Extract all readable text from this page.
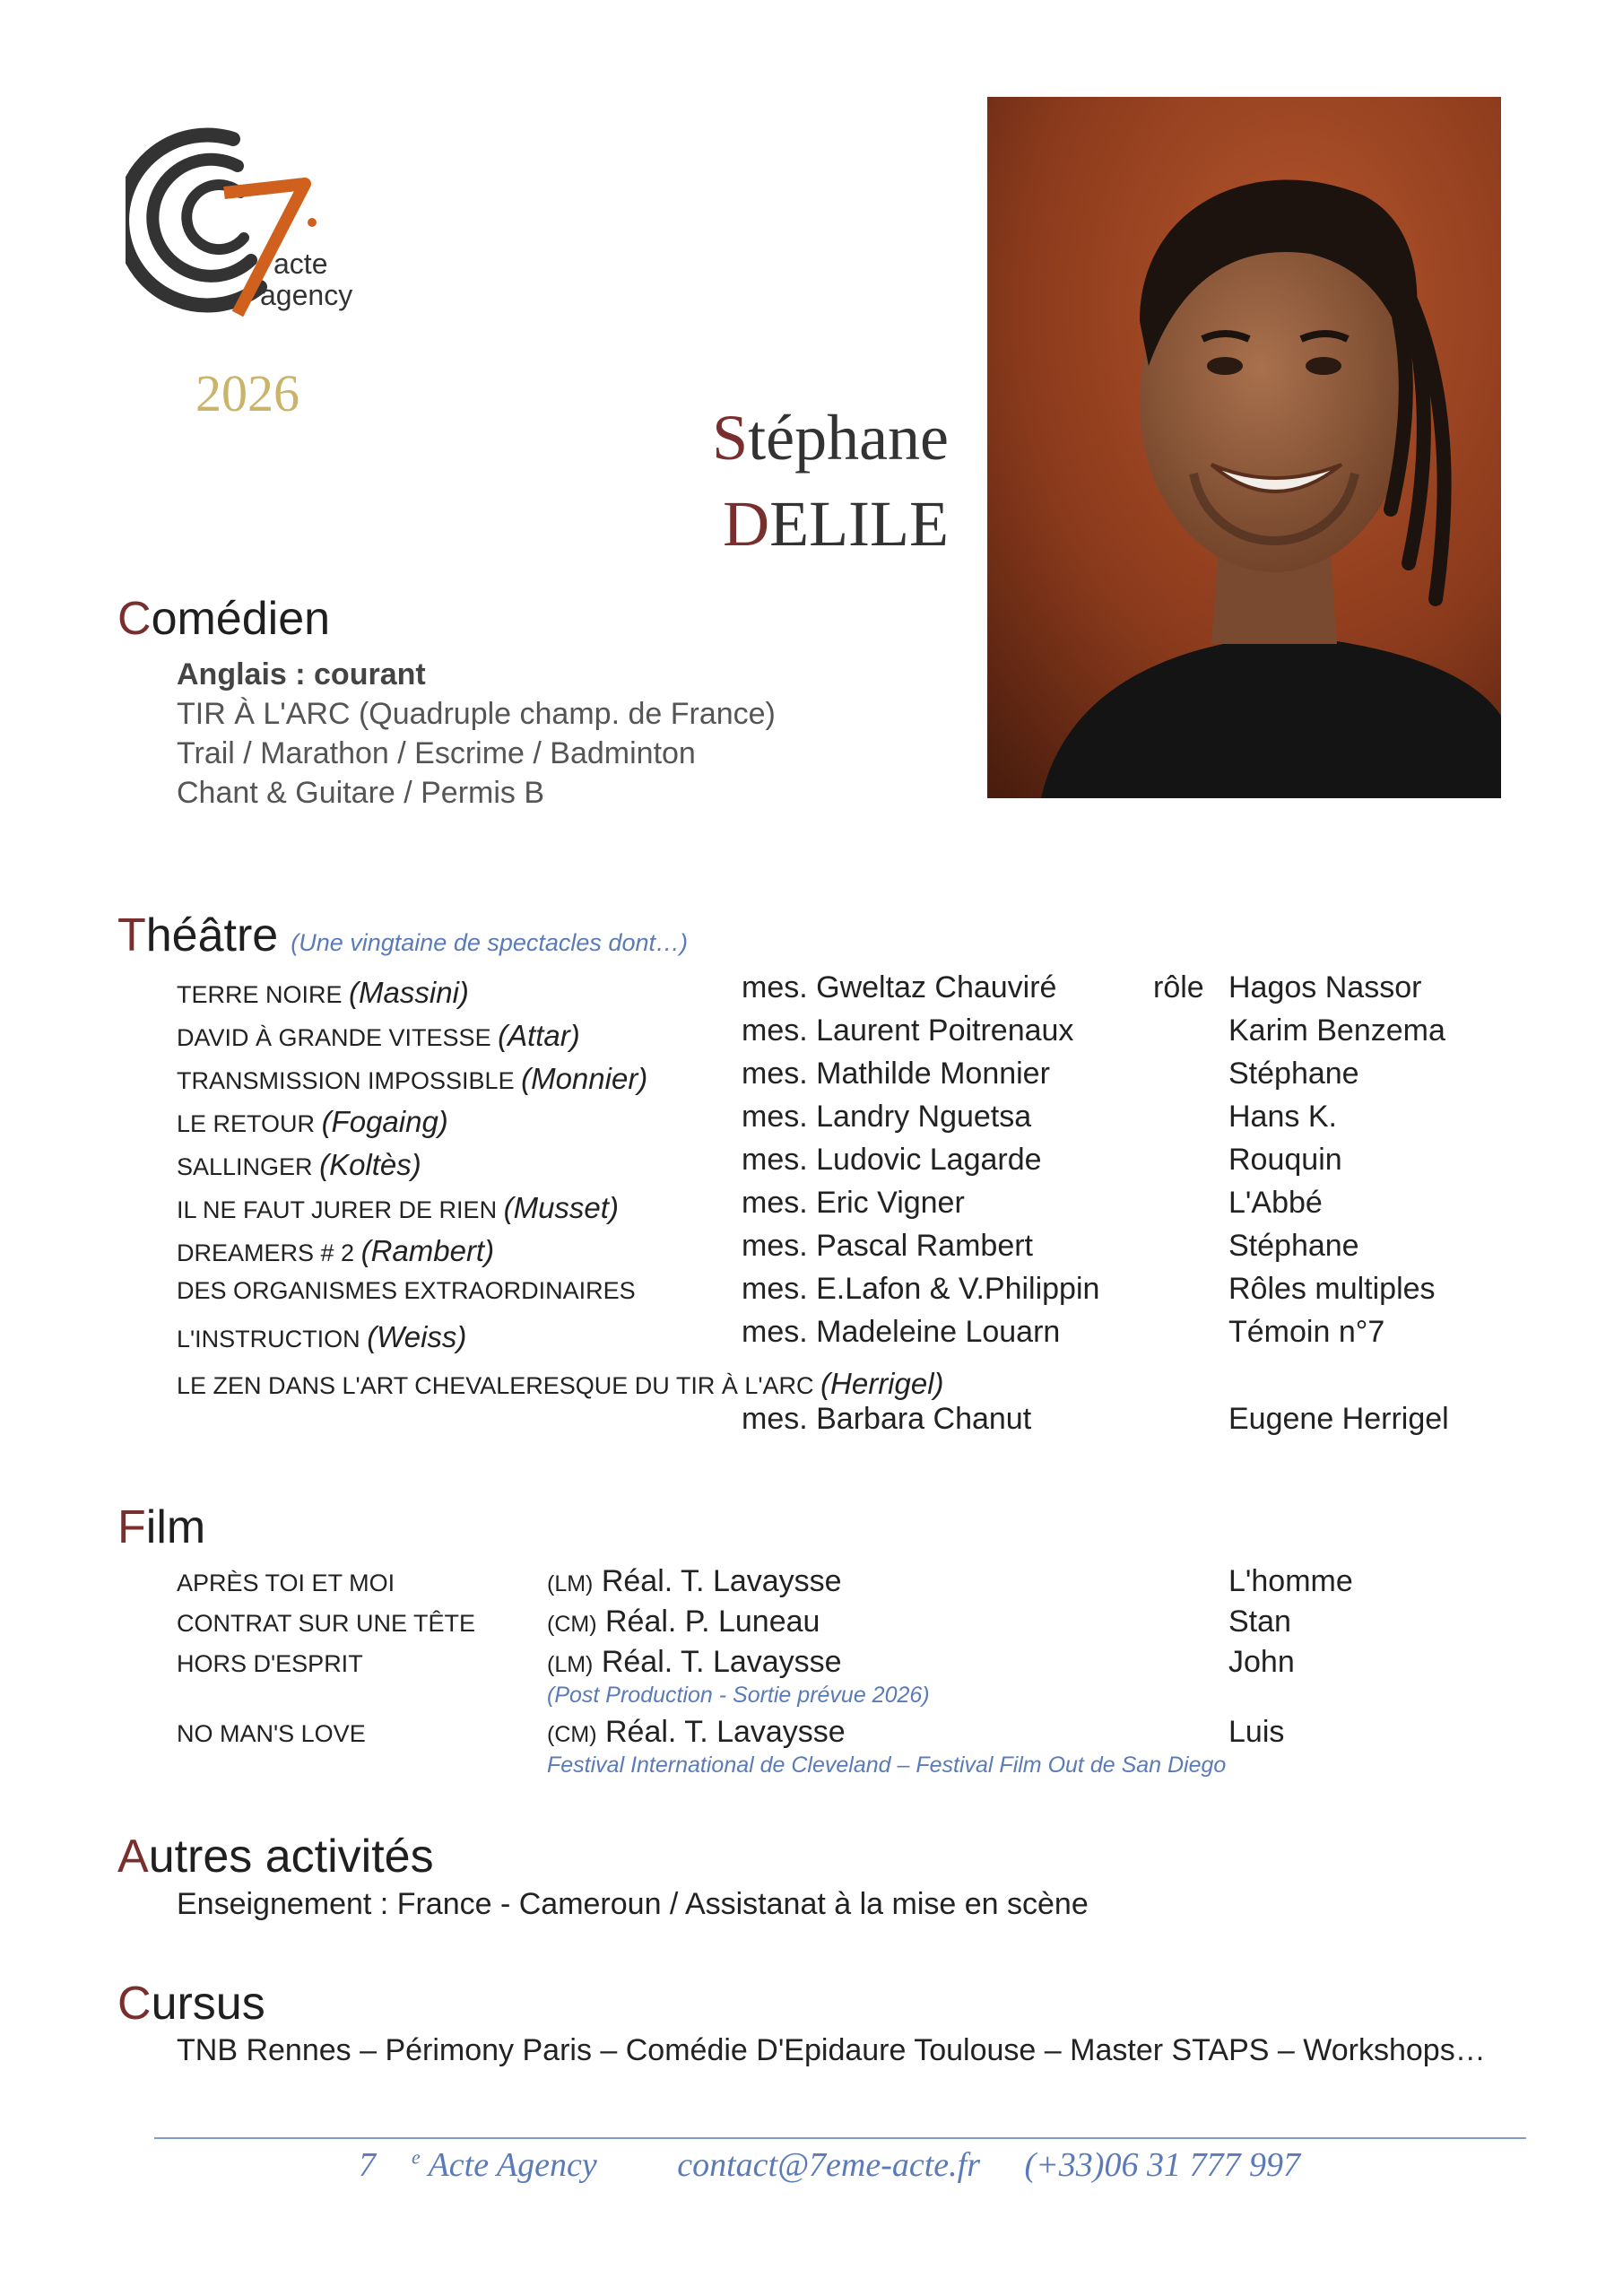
acte
agency
2026
Stéphane
DELILE
Comédien
Anglais : courant
TIR À L'ARC (Quadruple champ. de France)
Trail / Marathon / Escrime / Badminton
Chant & Guitare / Permis B
Théâtre (Une vingtaine de spectacles dont…)
TERRE NOIRE (Massini)	mes. Gweltaz Chauviré	rôle Hagos Nassor
DAVID À GRANDE VITESSE (Attar)	mes. Laurent Poitrenaux	Karim Benzema
TRANSMISSION IMPOSSIBLE (Monnier)	mes. Mathilde Monnier	Stéphane
LE RETOUR (Fogaing)	mes. Landry Nguetsa	Hans K.
SALLINGER (Koltès)	mes. Ludovic Lagarde	Rouquin
IL NE FAUT JURER DE RIEN (Musset)	mes. Eric Vigner	L'Abbé
DREAMERS # 2 (Rambert)	mes. Pascal Rambert	Stéphane
DES ORGANISMES EXTRAORDINAIRES	mes. E.Lafon & V.Philippin	Rôles multiples
L'INSTRUCTION (Weiss)	mes. Madeleine Louarn	Témoin n°7
LE ZEN DANS L'ART CHEVALERESQUE DU TIR À L'ARC (Herrigel)
mes. Barbara Chanut	Eugene Herrigel
Film
APRÈS TOI ET MOI	(LM) Réal. T. Lavaysse	L'homme
CONTRAT SUR UNE TÊTE	(CM) Réal. P. Luneau	Stan
HORS D'ESPRIT	(LM) Réal. T. Lavaysse	John
(Post Production - Sortie prévue 2026)
NO MAN'S LOVE	(CM) Réal. T. Lavaysse	Luis
Festival International de Cleveland – Festival Film Out de San Diego
Autres activités
Enseignement : France - Cameroun / Assistanat à la mise en scène
Cursus
TNB Rennes – Périmony Paris – Comédie D'Epidaure Toulouse – Master STAPS – Workshops…
7 $^e$ Acte Agency contact@7eme-acte.fr (+33)06 31 777 997
